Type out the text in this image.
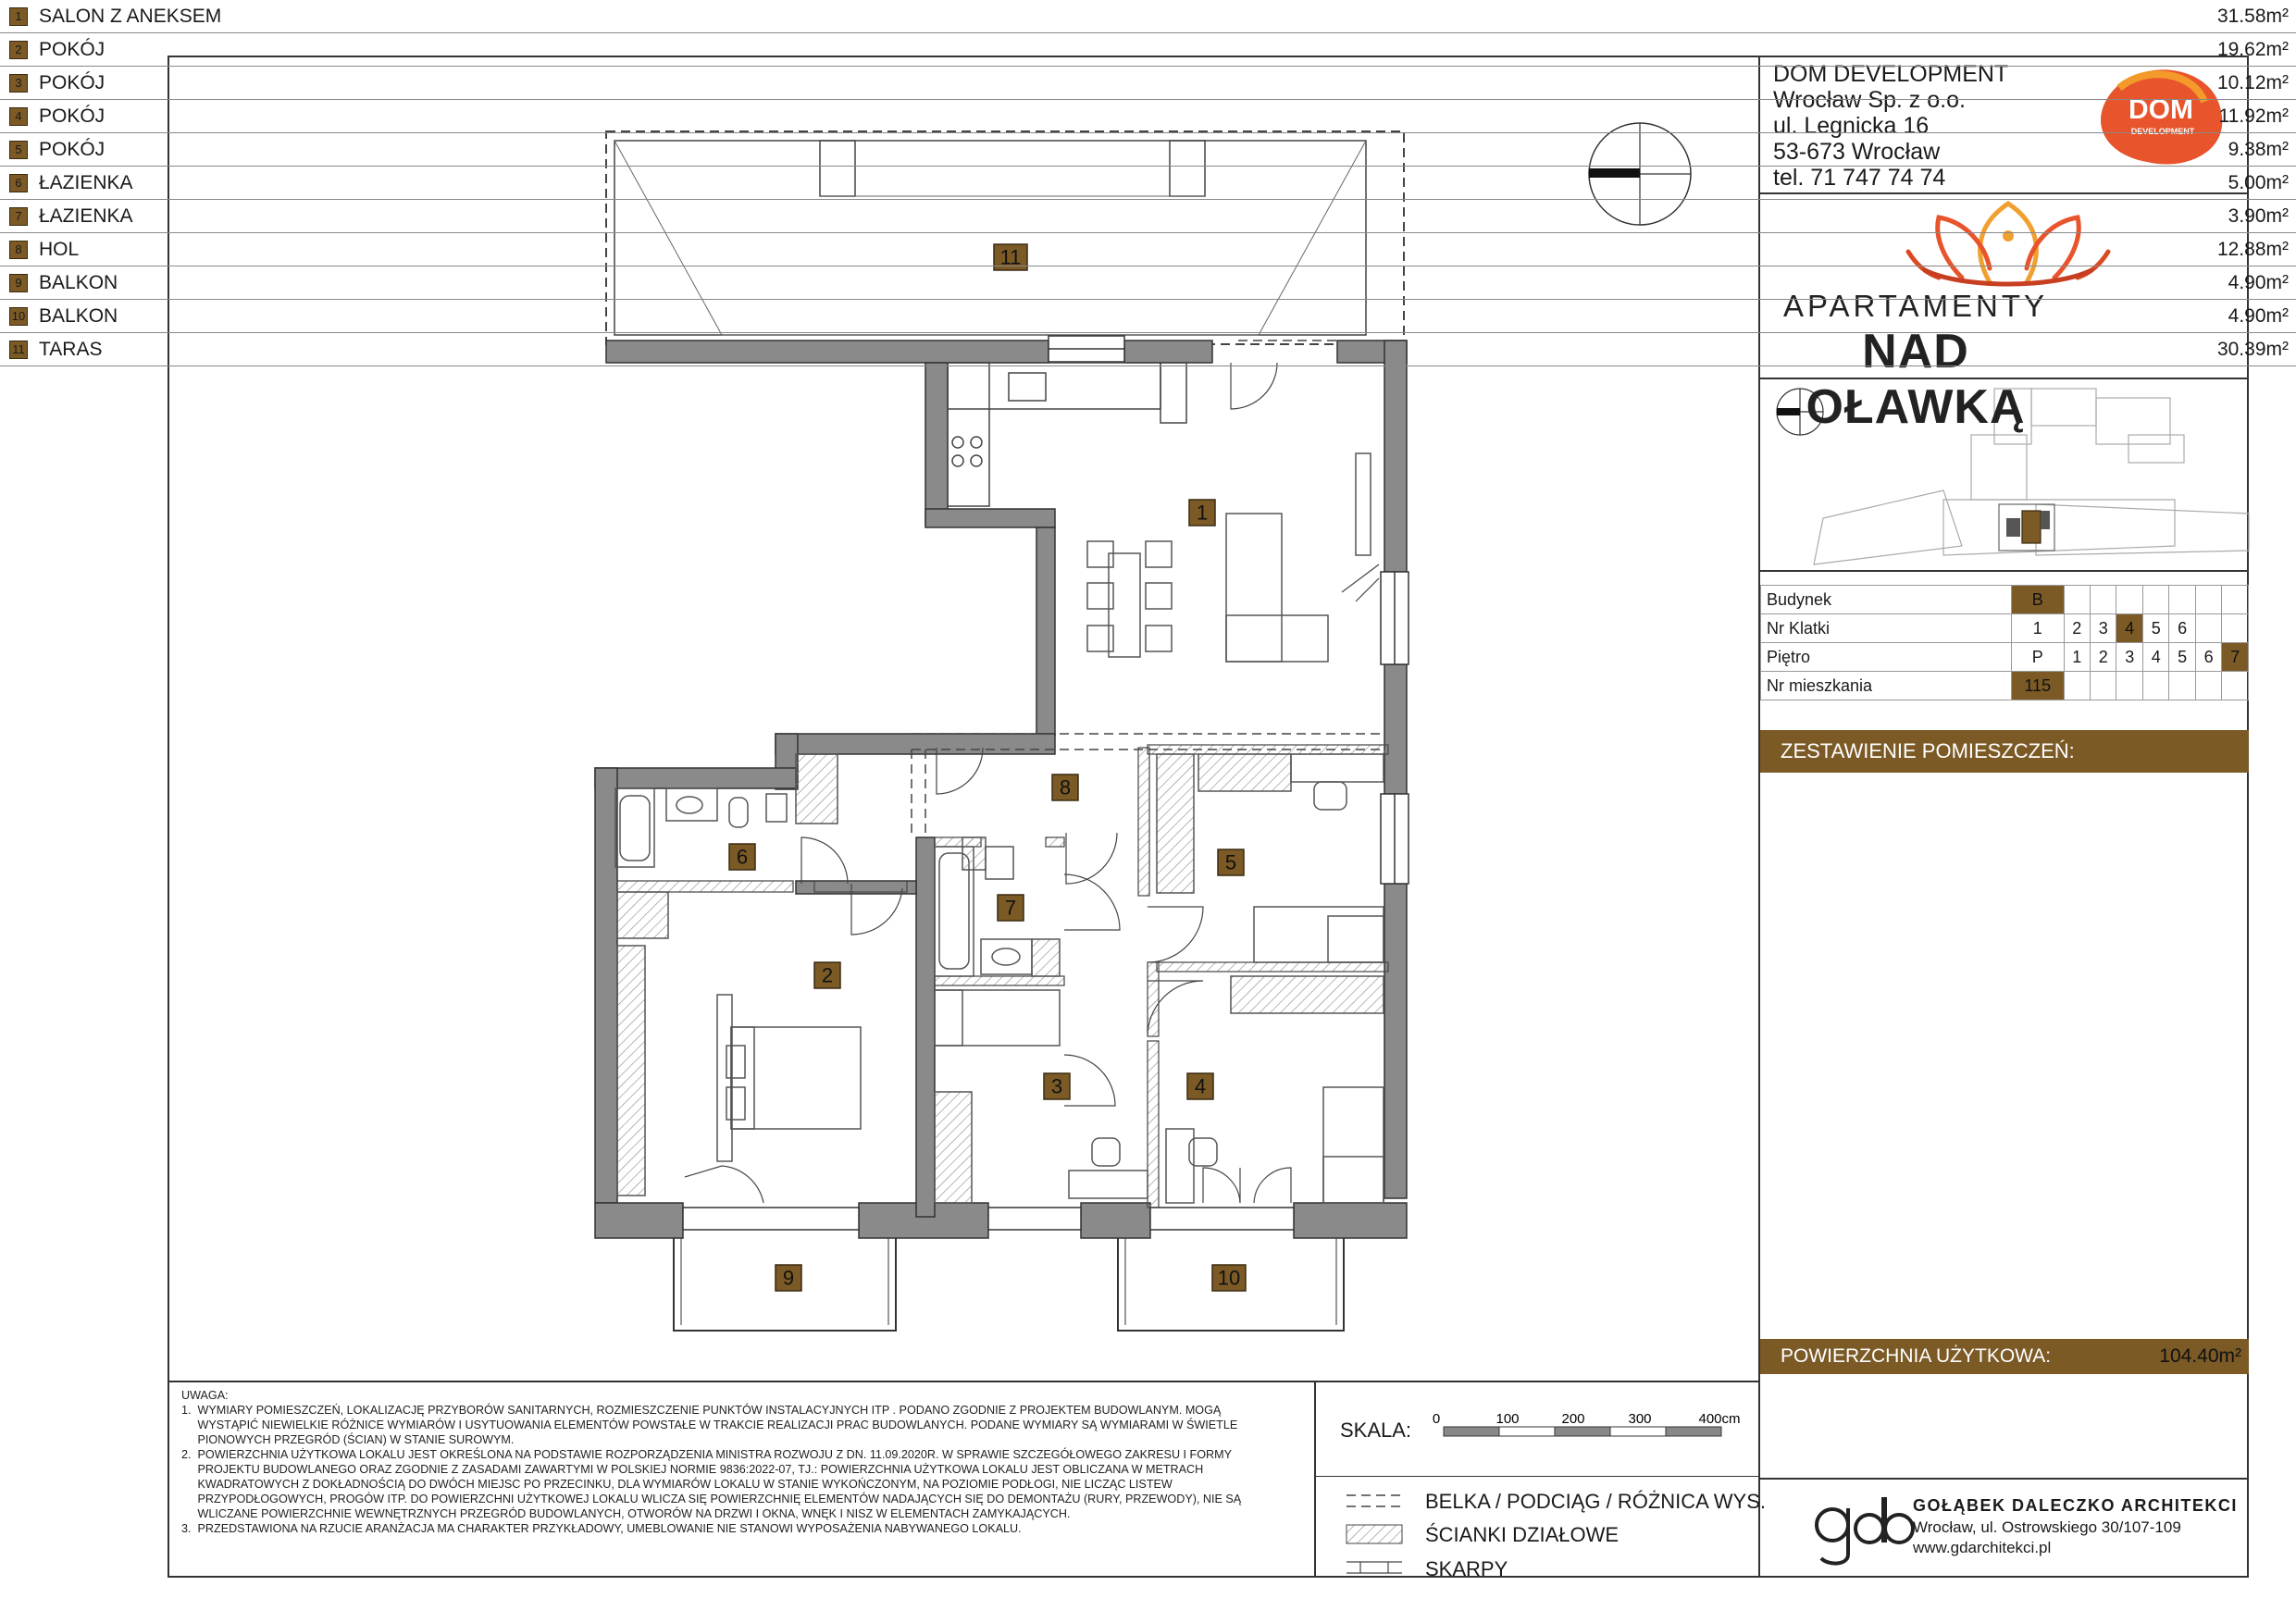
1
2
3	4
5
6
7
8
9	10
11
DOM
DEVELOPMENT
0	100	200	300	400cm
DOM DEVELOPMENT
Wrocław Sp. z o.o.
ul. Legnicka 16
53-673 Wrocław
tel. 71 747 74 74
APARTAMENTY
NAD OŁAWKĄ
Budynek	B							
Nr Klatki	1	2	3	4	5	6		
Piętro	P	1	2	3	4	5	6	7
Nr mieszkania	115							
ZESTAWIENIE POMIESZCZEŃ:
1 SALON Z ANEKSEM	31.58m²
2 POKÓJ	19.62m²
3 POKÓJ	10.12m²
4 POKÓJ	11.92m²
5 POKÓJ	9.38m²
6 ŁAZIENKA	5.00m²
7 ŁAZIENKA	3.90m²
8 HOL	12.88m²
POWIERZCHNIA UŻYTKOWA:	104.40m²
9 BALKON	4.90m²
10 BALKON	4.90m²
11 TARAS	30.39m²
UWAGA:
1.  WYMIARY POMIESZCZEŃ, LOKALIZACJĘ PRZYBORÓW SANITARNYCH, ROZMIESZCZENIE PUNKTÓW INSTALACYJNYCH ITP . PODANO ZGODNIE Z PROJEKTEM BUDOWLANYM. MOGĄ
WYSTĄPIĆ NIEWIELKIE RÓŻNICE WYMIARÓW I USYTUOWANIA ELEMENTÓW POWSTAŁE W TRAKCIE REALIZACJI PRAC BUDOWLANYCH. PODANE WYMIARY SĄ WYMIARAMI W ŚWIETLE
PIONOWYCH PRZEGRÓD (ŚCIAN) W STANIE SUROWYM.
2.  POWIERZCHNIA UŻYTKOWA LOKALU JEST OKREŚLONA NA PODSTAWIE ROZPORZĄDZENIA MINISTRA ROZWOJU Z DN. 11.09.2020R. W SPRAWIE SZCZEGÓŁOWEGO ZAKRESU I FORMY
PROJEKTU BUDOWLANEGO ORAZ ZGODNIE Z ZASADAMI ZAWARTYMI W POLSKIEJ NORMIE 9836:2022-07, TJ.: POWIERZCHNIA UŻYTKOWA LOKALU JEST OBLICZANA W METRACH
KWADRATOWYCH Z DOKŁADNOŚCIĄ DO DWÓCH MIEJSC PO PRZECINKU, DLA WYMIARÓW LOKALU W STANIE WYKOŃCZONYM, NA POZIOMIE PODŁOGI, NIE LICZĄC LISTEW
PRZYPODŁOGOWYCH, PROGÓW ITP. DO POWIERZCHNI UŻYTKOWEJ LOKALU WLICZA SIĘ POWIERZCHNIĘ ELEMENTÓW NADAJĄCYCH SIĘ DO DEMONTAŻU (RURY, PRZEWODY), NIE SĄ
WLICZANE POWIERZCHNIE WEWNĘTRZNYCH PRZEGRÓD BUDOWLANYCH, OTWORÓW NA DRZWI I OKNA, WNĘK I NISZ W ELEMENTACH ZAMYKAJĄCYCH.
3.  PRZEDSTAWIONA NA RZUCIE ARANŻACJA MA CHARAKTER PRZYKŁADOWY, UMEBLOWANIE NIE STANOWI WYPOSAŻENIA NABYWANEGO LOKALU.
SKALA:
BELKA / PODCIĄG / RÓŻNICA WYS.
ŚCIANKI DZIAŁOWE
SKARPY
GOŁĄBEK DALECZKO ARCHITEKCI
Wrocław, ul. Ostrowskiego 30/107-109
www.gdarchitekci.pl
